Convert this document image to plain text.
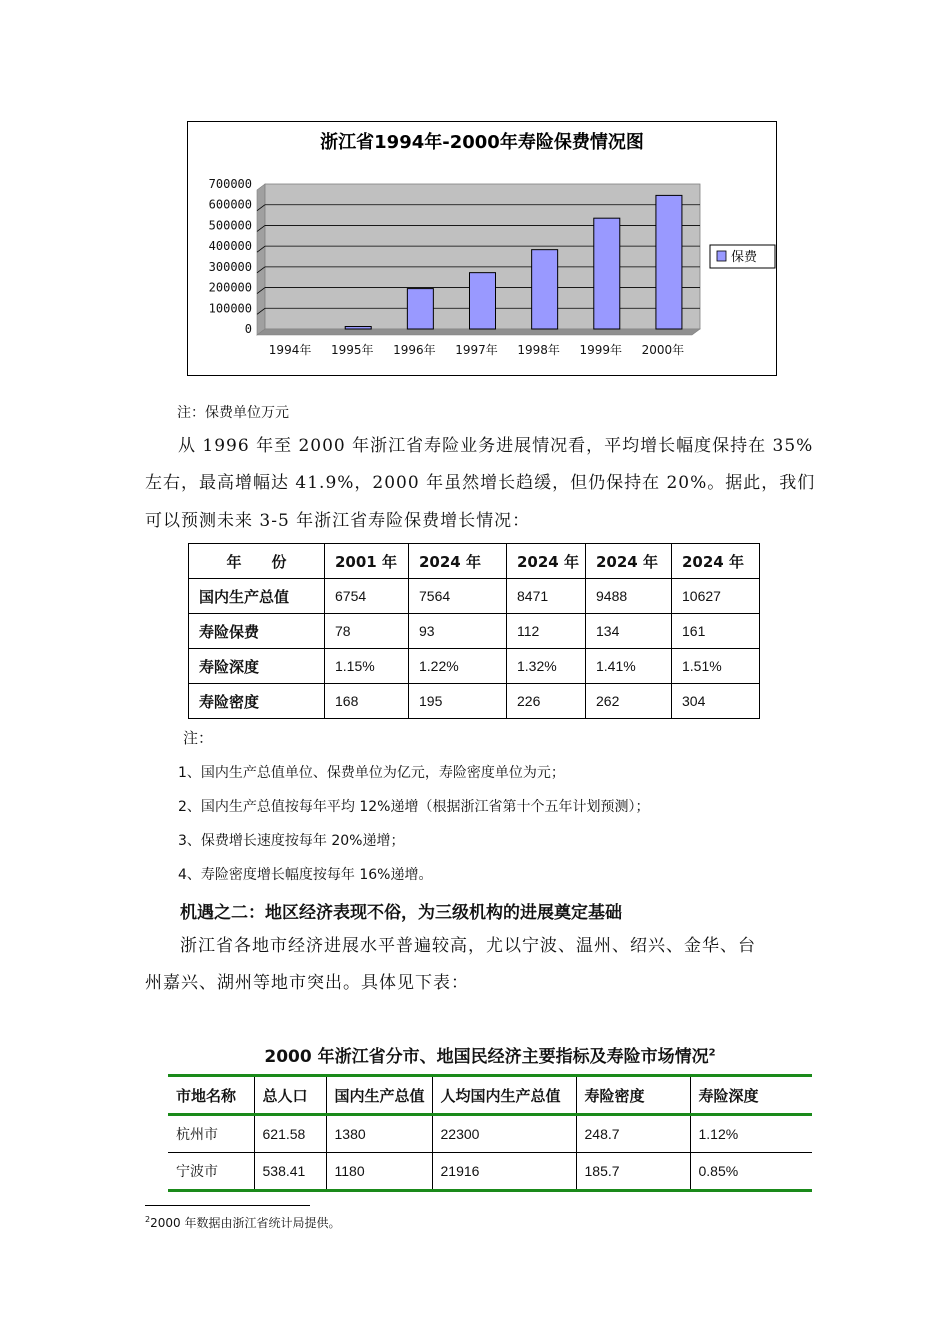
浙江省1994年-2000年寿险保费情况图
700000
600000
500000
400000
300000
200000
100000
0
1994年 1995年 1996年 1997年 1998年 1999年 2000年
保费
注：保费单位万元
从 1996 年至 2000 年浙江省寿险业务进展情况看，平均增长幅度保持在 35%
左右，最高增幅达 41.9%，2000 年虽然增长趋缓，但仍保持在 20%。据此，我们
可以预测未来 3-5 年浙江省寿险保费增长情况：
年　　份	2001 年	2024 年	2024 年	2024 年	2024 年
国内生产总值	6754	7564	8471	9488	10627
寿险保费	78	93	112	134	161
寿险深度	1.15%	1.22%	1.32%	1.41%	1.51%
寿险密度	168	195	226	262	304
注：
1、国内生产总值单位、保费单位为亿元，寿险密度单位为元；
2、国内生产总值按每年平均 12%递增（根据浙江省第十个五年计划预测）；
3、保费增长速度按每年 20%递增；
4、寿险密度增长幅度按每年 16%递增。
机遇之二：地区经济表现不俗，为三级机构的进展奠定基础
浙江省各地市经济进展水平普遍较高，尤以宁波、温州、绍兴、金华、台
州嘉兴、湖州等地市突出。具体见下表：
2000 年浙江省分市、地国民经济主要指标及寿险市场情况$^2$
市地名称	总人口	国内生产总值	人均国内生产总值	寿险密度	寿险深度
杭州市	621.58	1380	22300	248.7	1.12%
宁波市	538.41	1180	21916	185.7	0.85%
$^2$2000 年数据由浙江省统计局提供。
